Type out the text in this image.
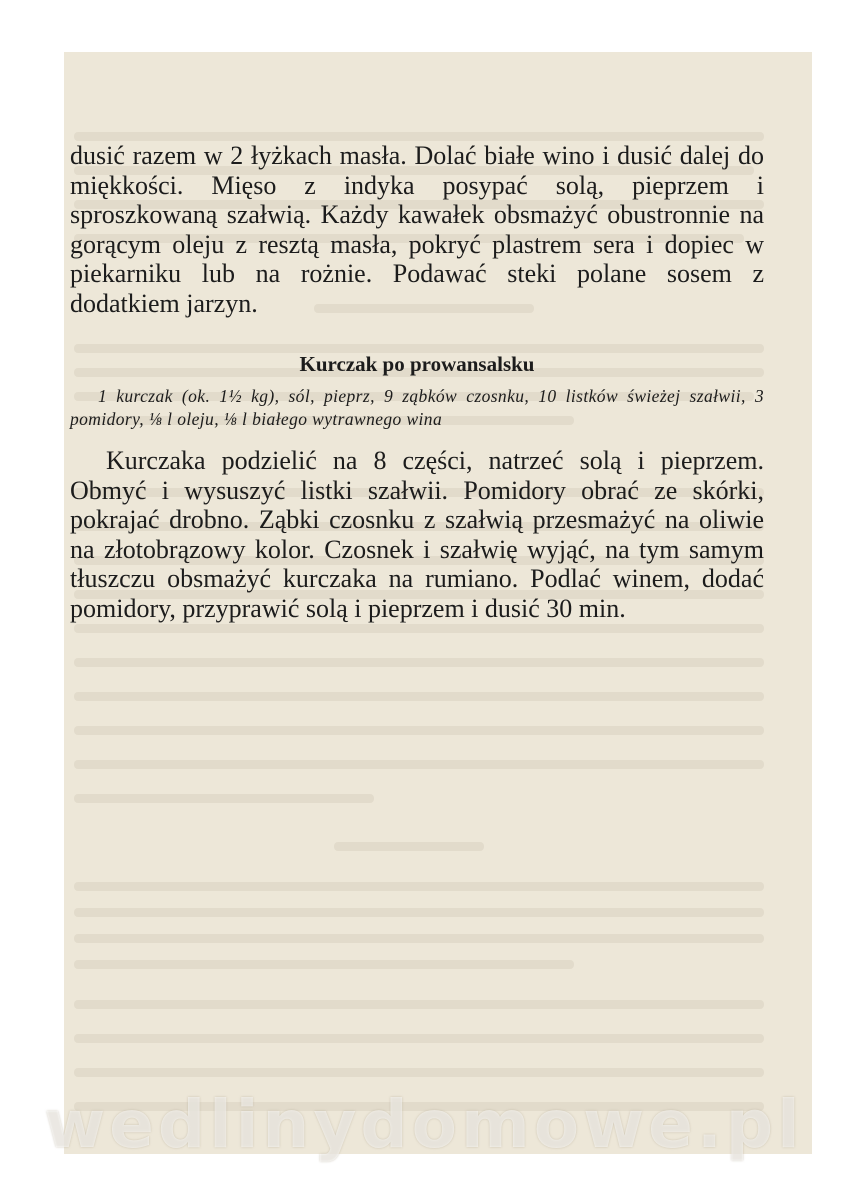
dusić razem w 2 łyżkach masła. Dolać białe wino i dusić dalej do miękkości. Mięso z indyka posypać solą, pieprzem i sproszkowaną szałwią. Każdy kawałek obsmażyć obustronnie na gorącym oleju z resztą masła, pokryć plastrem sera i dopiec w piekarniku lub na rożnie. Podawać steki polane sosem z dodatkiem jarzyn.

Kurczak po prowansalsku

1 kurczak (ok. 1½ kg), sól, pieprz, 9 ząbków czosnku, 10 listków świeżej szałwii, 3 pomidory, ⅛ l oleju, ⅛ l białego wytrawnego wina

Kurczaka podzielić na 8 części, natrzeć solą i pieprzem. Obmyć i wysuszyć listki szałwii. Pomidory obrać ze skórki, pokrajać drobno. Ząbki czosnku z szałwią przesmażyć na oliwie na złotobrązowy kolor. Czosnek i szałwię wyjąć, na tym samym tłuszczu obsmażyć kurczaka na rumiano. Podlać winem, dodać pomidory, przyprawić solą i pieprzem i dusić 30 min.

wedlinydomowe.pl
